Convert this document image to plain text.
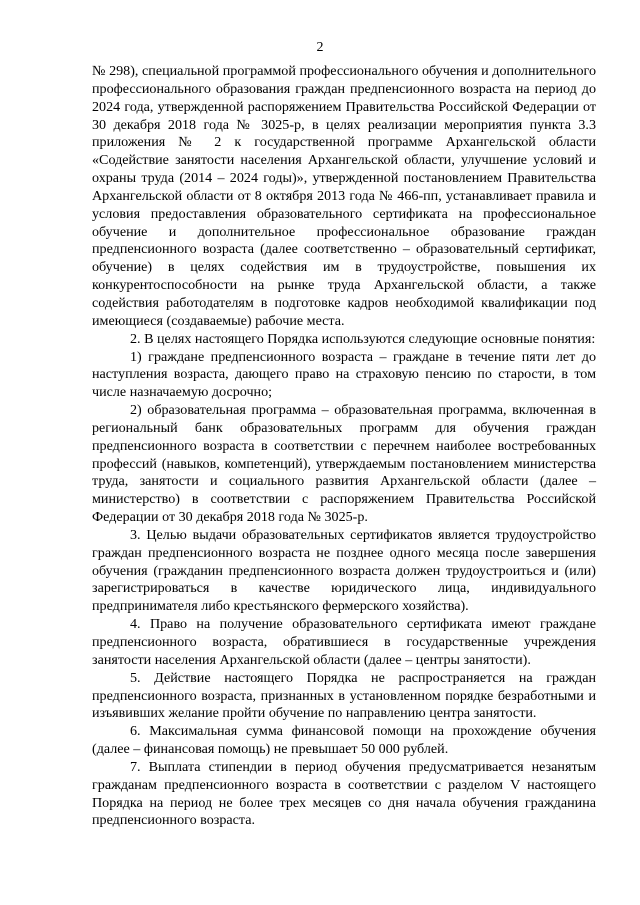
2

№ 298), специальной программой профессионального обучения и дополнительного профессионального образования граждан предпенсионного возраста на период до 2024 года, утвержденной распоряжением Правительства Российской Федерации от 30 декабря 2018 года № 3025-р, в целях реализации мероприятия пункта 3.3 приложения № 2 к государственной программе Архангельской области «Содействие занятости населения Архангельской области, улучшение условий и охраны труда (2014 – 2024 годы)», утвержденной постановлением Правительства Архангельской области от 8 октября 2013 года № 466-пп, устанавливает правила и условия предоставления образовательного сертификата на профессиональное обучение и дополнительное профессиональное образование граждан предпенсионного возраста (далее соответственно – образовательный сертификат, обучение) в целях содействия им в трудоустройстве, повышения их конкурентоспособности на рынке труда Архангельской области, а также содействия работодателям в подготовке кадров необходимой квалификации под имеющиеся (создаваемые) рабочие места.

2. В целях настоящего Порядка используются следующие основные понятия:

1) граждане предпенсионного возраста – граждане в течение пяти лет до наступления возраста, дающего право на страховую пенсию по старости, в том числе назначаемую досрочно;

2) образовательная программа – образовательная программа, включенная в региональный банк образовательных программ для обучения граждан предпенсионного возраста в соответствии с перечнем наиболее востребованных профессий (навыков, компетенций), утверждаемым постановлением министерства труда, занятости и социального развития Архангельской области (далее – министерство) в соответствии с распоряжением Правительства Российской Федерации от 30 декабря 2018 года № 3025-р.

3. Целью выдачи образовательных сертификатов является трудоустройство граждан предпенсионного возраста не позднее одного месяца после завершения обучения (гражданин предпенсионного возраста должен трудоустроиться и (или) зарегистрироваться в качестве юридического лица, индивидуального предпринимателя либо крестьянского фермерского хозяйства).

4. Право на получение образовательного сертификата имеют граждане предпенсионного возраста, обратившиеся в государственные учреждения занятости населения Архангельской области (далее – центры занятости).

5. Действие настоящего Порядка не распространяется на граждан предпенсионного возраста, признанных в установленном порядке безработными и изъявивших желание пройти обучение по направлению центра занятости.

6. Максимальная сумма финансовой помощи на прохождение обучения (далее – финансовая помощь) не превышает 50 000 рублей.

7. Выплата стипендии в период обучения предусматривается незанятым гражданам предпенсионного возраста в соответствии с разделом V настоящего Порядка на период не более трех месяцев со дня начала обучения гражданина предпенсионного возраста.
